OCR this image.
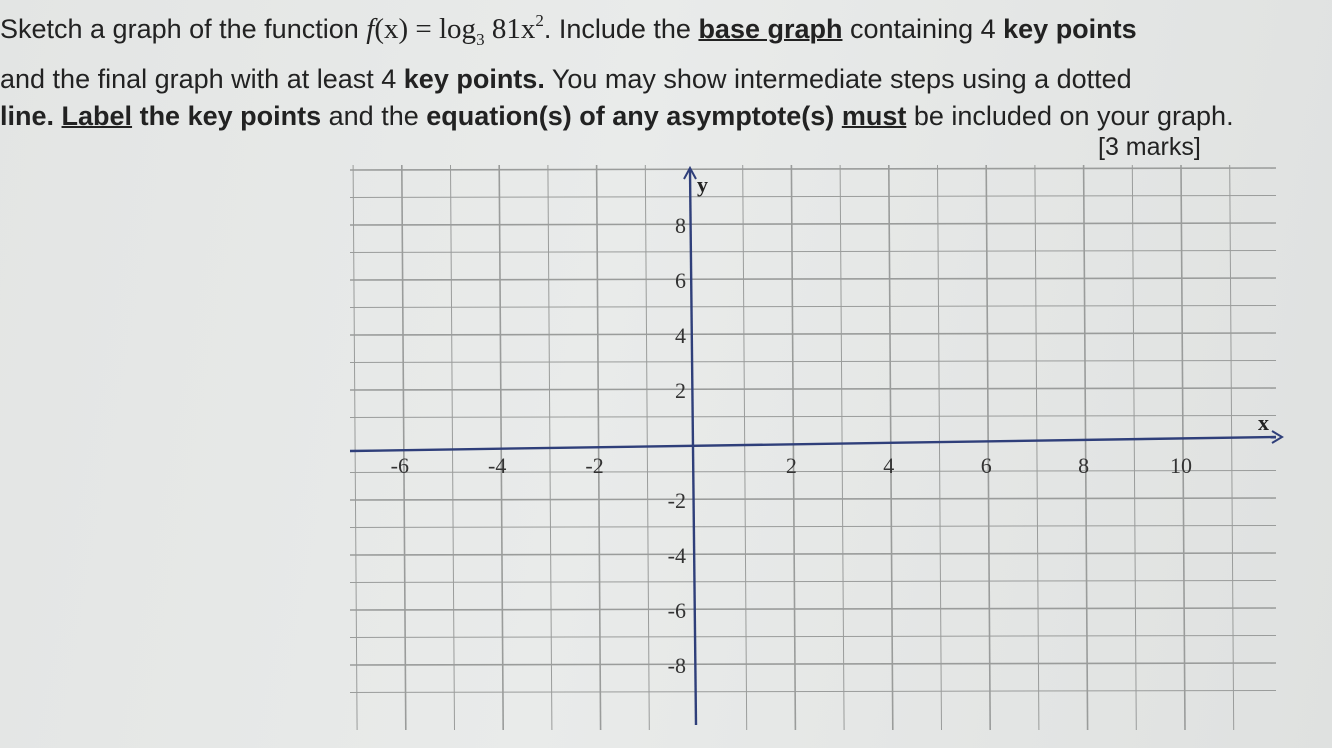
Sketch a graph of the function $f(x) = \log_3 81x^2$. Include the base graph containing 4 key points
and the final graph with at least 4 key points. You may show intermediate steps using a dotted
line. Label the key points and the equation(s) of any asymptote(s) must be included on your graph.
[3 marks]
x
y
-6	-4	-2	2	4	6	8	10
8
6
4
2
-2
-4
-6
-8
